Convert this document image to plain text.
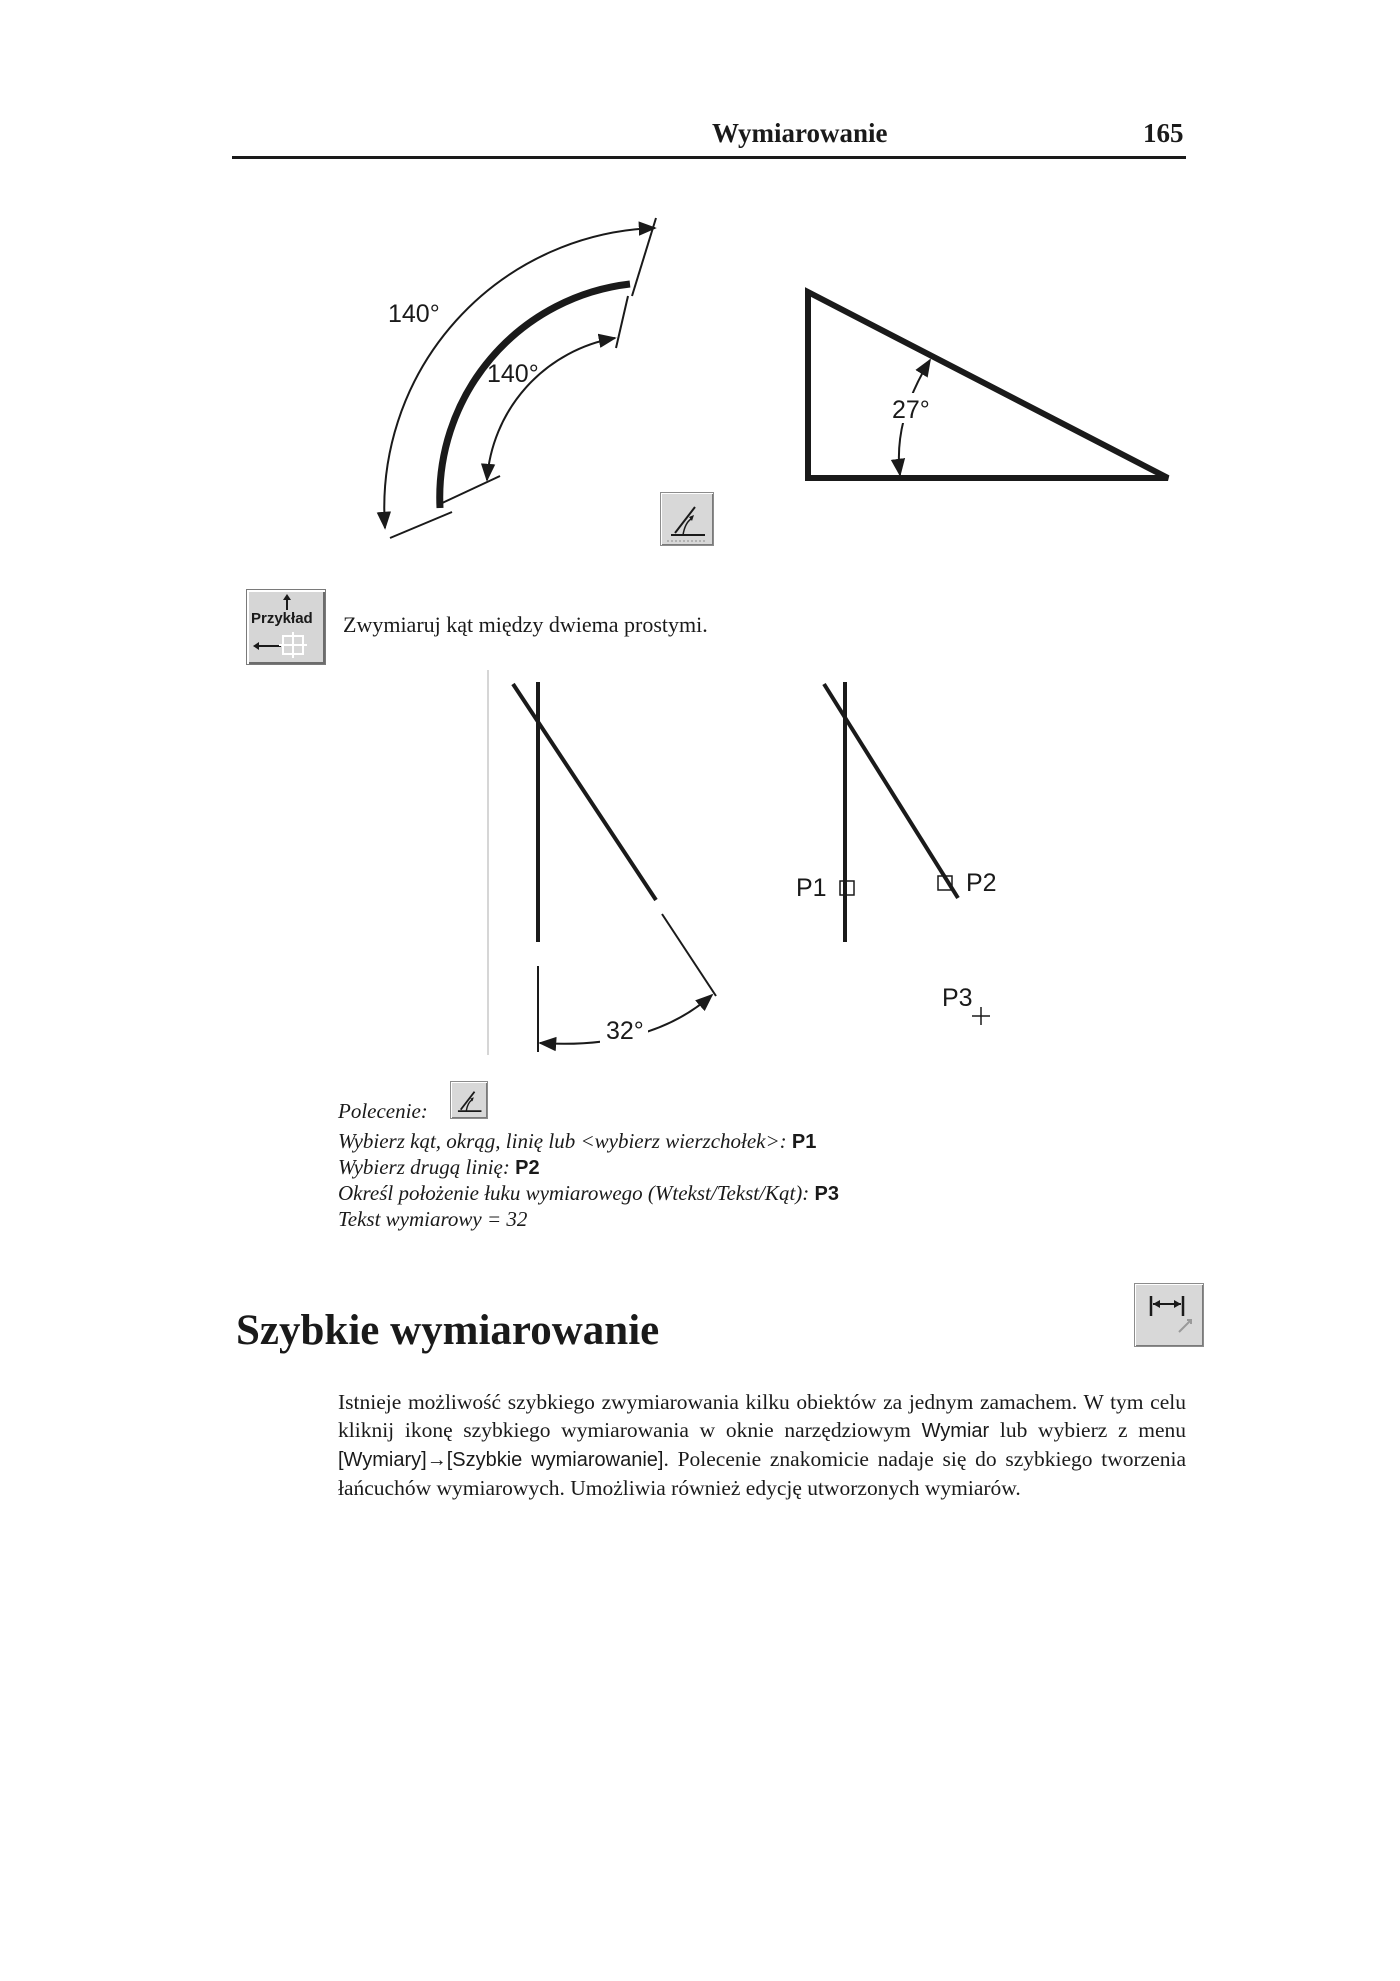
Wymiarowanie	165
140°
140°
27°
Przykład Zwymiaruj kąt między dwiema prostymi.
32°
P1	P2
P3
Polecenie:
Wybierz kąt, okrąg, linię lub <wybierz wierzchołek>: P1
Wybierz drugą linię: P2
Określ położenie łuku wymiarowego (Wtekst/Tekst/Kąt): P3
Tekst wymiarowy = 32
Szybkie wymiarowanie
Istnieje możliwość szybkiego zwymiarowania kilku obiektów za jednym zamachem. W tym celu kliknij ikonę szybkiego wymiarowania w oknie narzędziowym Wymiar lub wybierz z menu [Wymiary]→[Szybkie wymiarowanie]. Polecenie znakomicie nadaje się do szybkiego tworzenia łańcuchów wymiarowych. Umożliwia również edycję utworzonych wymiarów.
